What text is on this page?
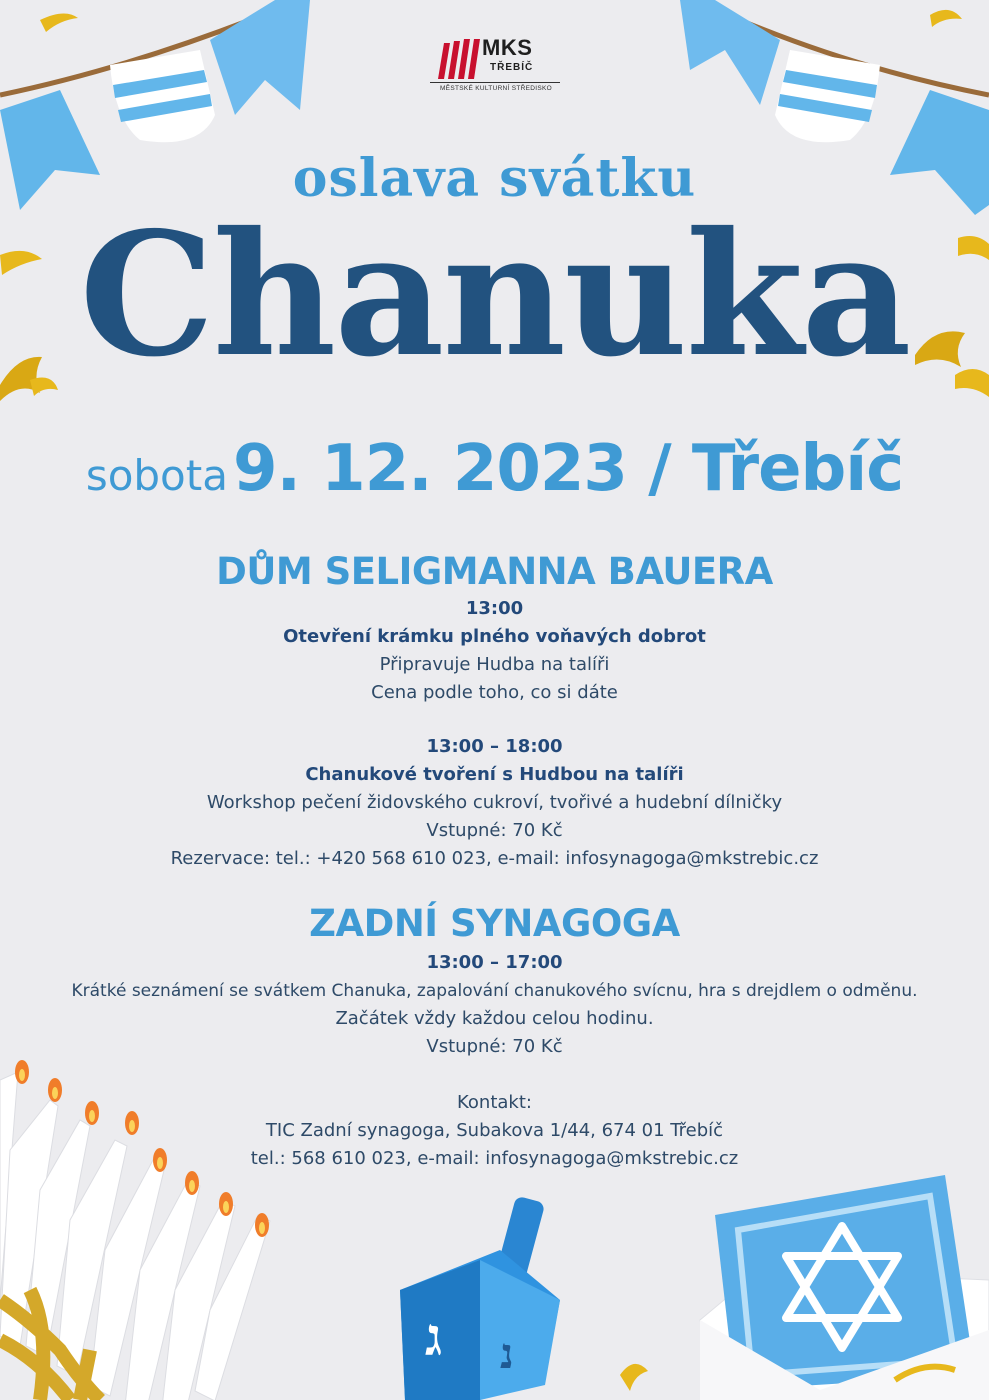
ג נ
MKS
TŘEBÍČ
MĚSTSKÉ KULTURNÍ STŘEDISKO
oslava svátku
Chanuka
sobota 9. 12. 2023 / Třebíč
DŮM SELIGMANNA BAUERA
13:00
Otevření krámku plného voňavých dobrot
Připravuje Hudba na talíři
Cena podle toho, co si dáte
13:00 – 18:00
Chanukové tvoření s Hudbou na talíři
Workshop pečení židovského cukroví, tvořivé a hudební dílničky
Vstupné: 70 Kč
Rezervace: tel.: +420 568 610 023, e-mail: infosynagoga@mkstrebic.cz
ZADNÍ SYNAGOGA
13:00 – 17:00
Krátké seznámení se svátkem Chanuka, zapalování chanukového svícnu, hra s drejdlem o odměnu.
Začátek vždy každou celou hodinu.
Vstupné: 70 Kč
Kontakt:
TIC Zadní synagoga, Subakova 1/44, 674 01 Třebíč
tel.: 568 610 023, e-mail: infosynagoga@mkstrebic.cz
